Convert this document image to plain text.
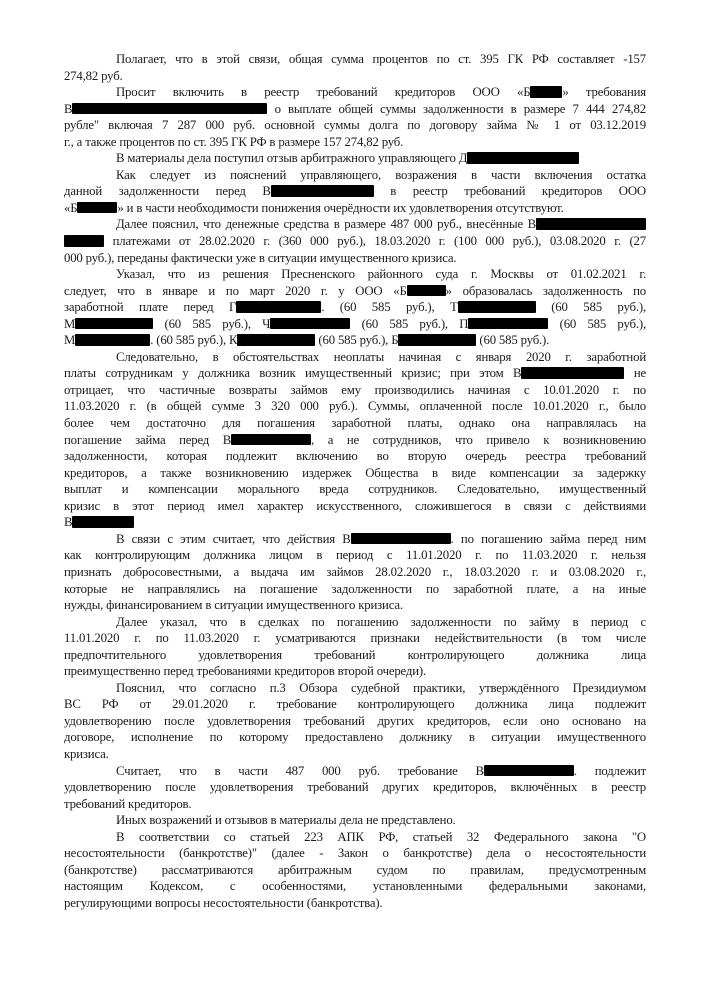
Полагает, что в этой связи, общая сумма процентов по ст. 395 ГК РФ составляет -157
274,82 руб.
Просит включить в реестр требований кредиторов ООО «Б	» требования
В	о выплате общей суммы задолженности в размере 7 444 274,82
рубле" включая 7 287 000 руб. основной суммы долга по договору займа № 1 от 03.12.2019
г., а также процентов по ст. 395 ГК РФ в размере 157 274,82 руб.
В материалы дела поступил отзыв арбитражного управляющего Д
Как следует из пояснений управляющего, возражения в части включения остатка
данной задолженности перед В	в реестр требований кредиторов ООО
«Б	» и в части необходимости понижения очерёдности их удовлетворения отсутствуют.
Далее пояснил, что денежные средства в размере 487 000 руб., внесённые В
платежами от 28.02.2020 г. (360 000 руб.), 18.03.2020 г. (100 000 руб.), 03.08.2020 г. (27
000 руб.), переданы фактически уже в ситуации имущественного кризиса.
Указал, что из решения Пресненского районного суда г. Москвы от 01.02.2021 г.
следует, что в январе и по март 2020 г. у ООО «Б	» образовалась задолженность по
заработной плате перед Г	. (60 585 руб.), Т	(60 585 руб.),
М	(60 585 руб.), Ч	(60 585 руб.), П	(60 585 руб.),
М	. (60 585 руб.), К	(60 585 руб.), Б	(60 585 руб.).
Следовательно, в обстоятельствах неоплаты начиная с января 2020 г. заработной
платы сотрудникам у должника возник имущественный кризис; при этом В	не
отрицает, что частичные возвраты займов ему производились начиная с 10.01.2020 г. по
11.03.2020 г. (в общей сумме 3 320 000 руб.). Суммы, оплаченной после 10.01.2020 г., было
более чем достаточно для погашения заработной платы, однако она направлялась на
погашение займа перед В	, а не сотрудников, что привело к возникновению
задолженности, которая подлежит включению во вторую очередь реестра требований
кредиторов, а также возникновению издержек Общества в виде компенсации за задержку
выплат и компенсации морального вреда сотрудников. Следовательно, имущественный
кризис в этот период имел характер искусственного, сложившегося в связи с действиями
В
В связи с этим считает, что действия В	. по погашению займа перед ним
как контролирующим должника лицом в период с 11.01.2020 г. по 11.03.2020 г. нельзя
признать добросовестными, а выдача им займов 28.02.2020 г., 18.03.2020 г. и 03.08.2020 г.,
которые не направлялись на погашение задолженности по заработной плате, а на иные
нужды, финансированием в ситуации имущественного кризиса.
Далее указал, что в сделках по погашению задолженности по займу в период с
11.01.2020 г. по 11.03.2020 г. усматриваются признаки недействительности (в том числе
предпочтительного удовлетворения требований контролирующего должника лица
преимущественно перед требованиями кредиторов второй очереди).
Пояснил, что согласно п.3 Обзора судебной практики, утверждённого Президиумом
ВС РФ от 29.01.2020 г. требование контролирующего должника лица подлежит
удовлетворению после удовлетворения требований других кредиторов, если оно основано на
договоре, исполнение по которому предоставлено должнику в ситуации имущественного
кризиса.
Считает, что в части 487 000 руб. требование В	. подлежит
удовлетворению после удовлетворения требований других кредиторов, включённых в реестр
требований кредиторов.
Иных возражений и отзывов в материалы дела не представлено.
В соответствии со статьей 223 АПК РФ, статьей 32 Федерального закона "О
несостоятельности (банкротстве)" (далее - Закон о банкротстве) дела о несостоятельности
(банкротстве) рассматриваются арбитражным судом по правилам, предусмотренным
настоящим Кодексом, с особенностями, установленными федеральными законами,
регулирующими вопросы несостоятельности (банкротства).
